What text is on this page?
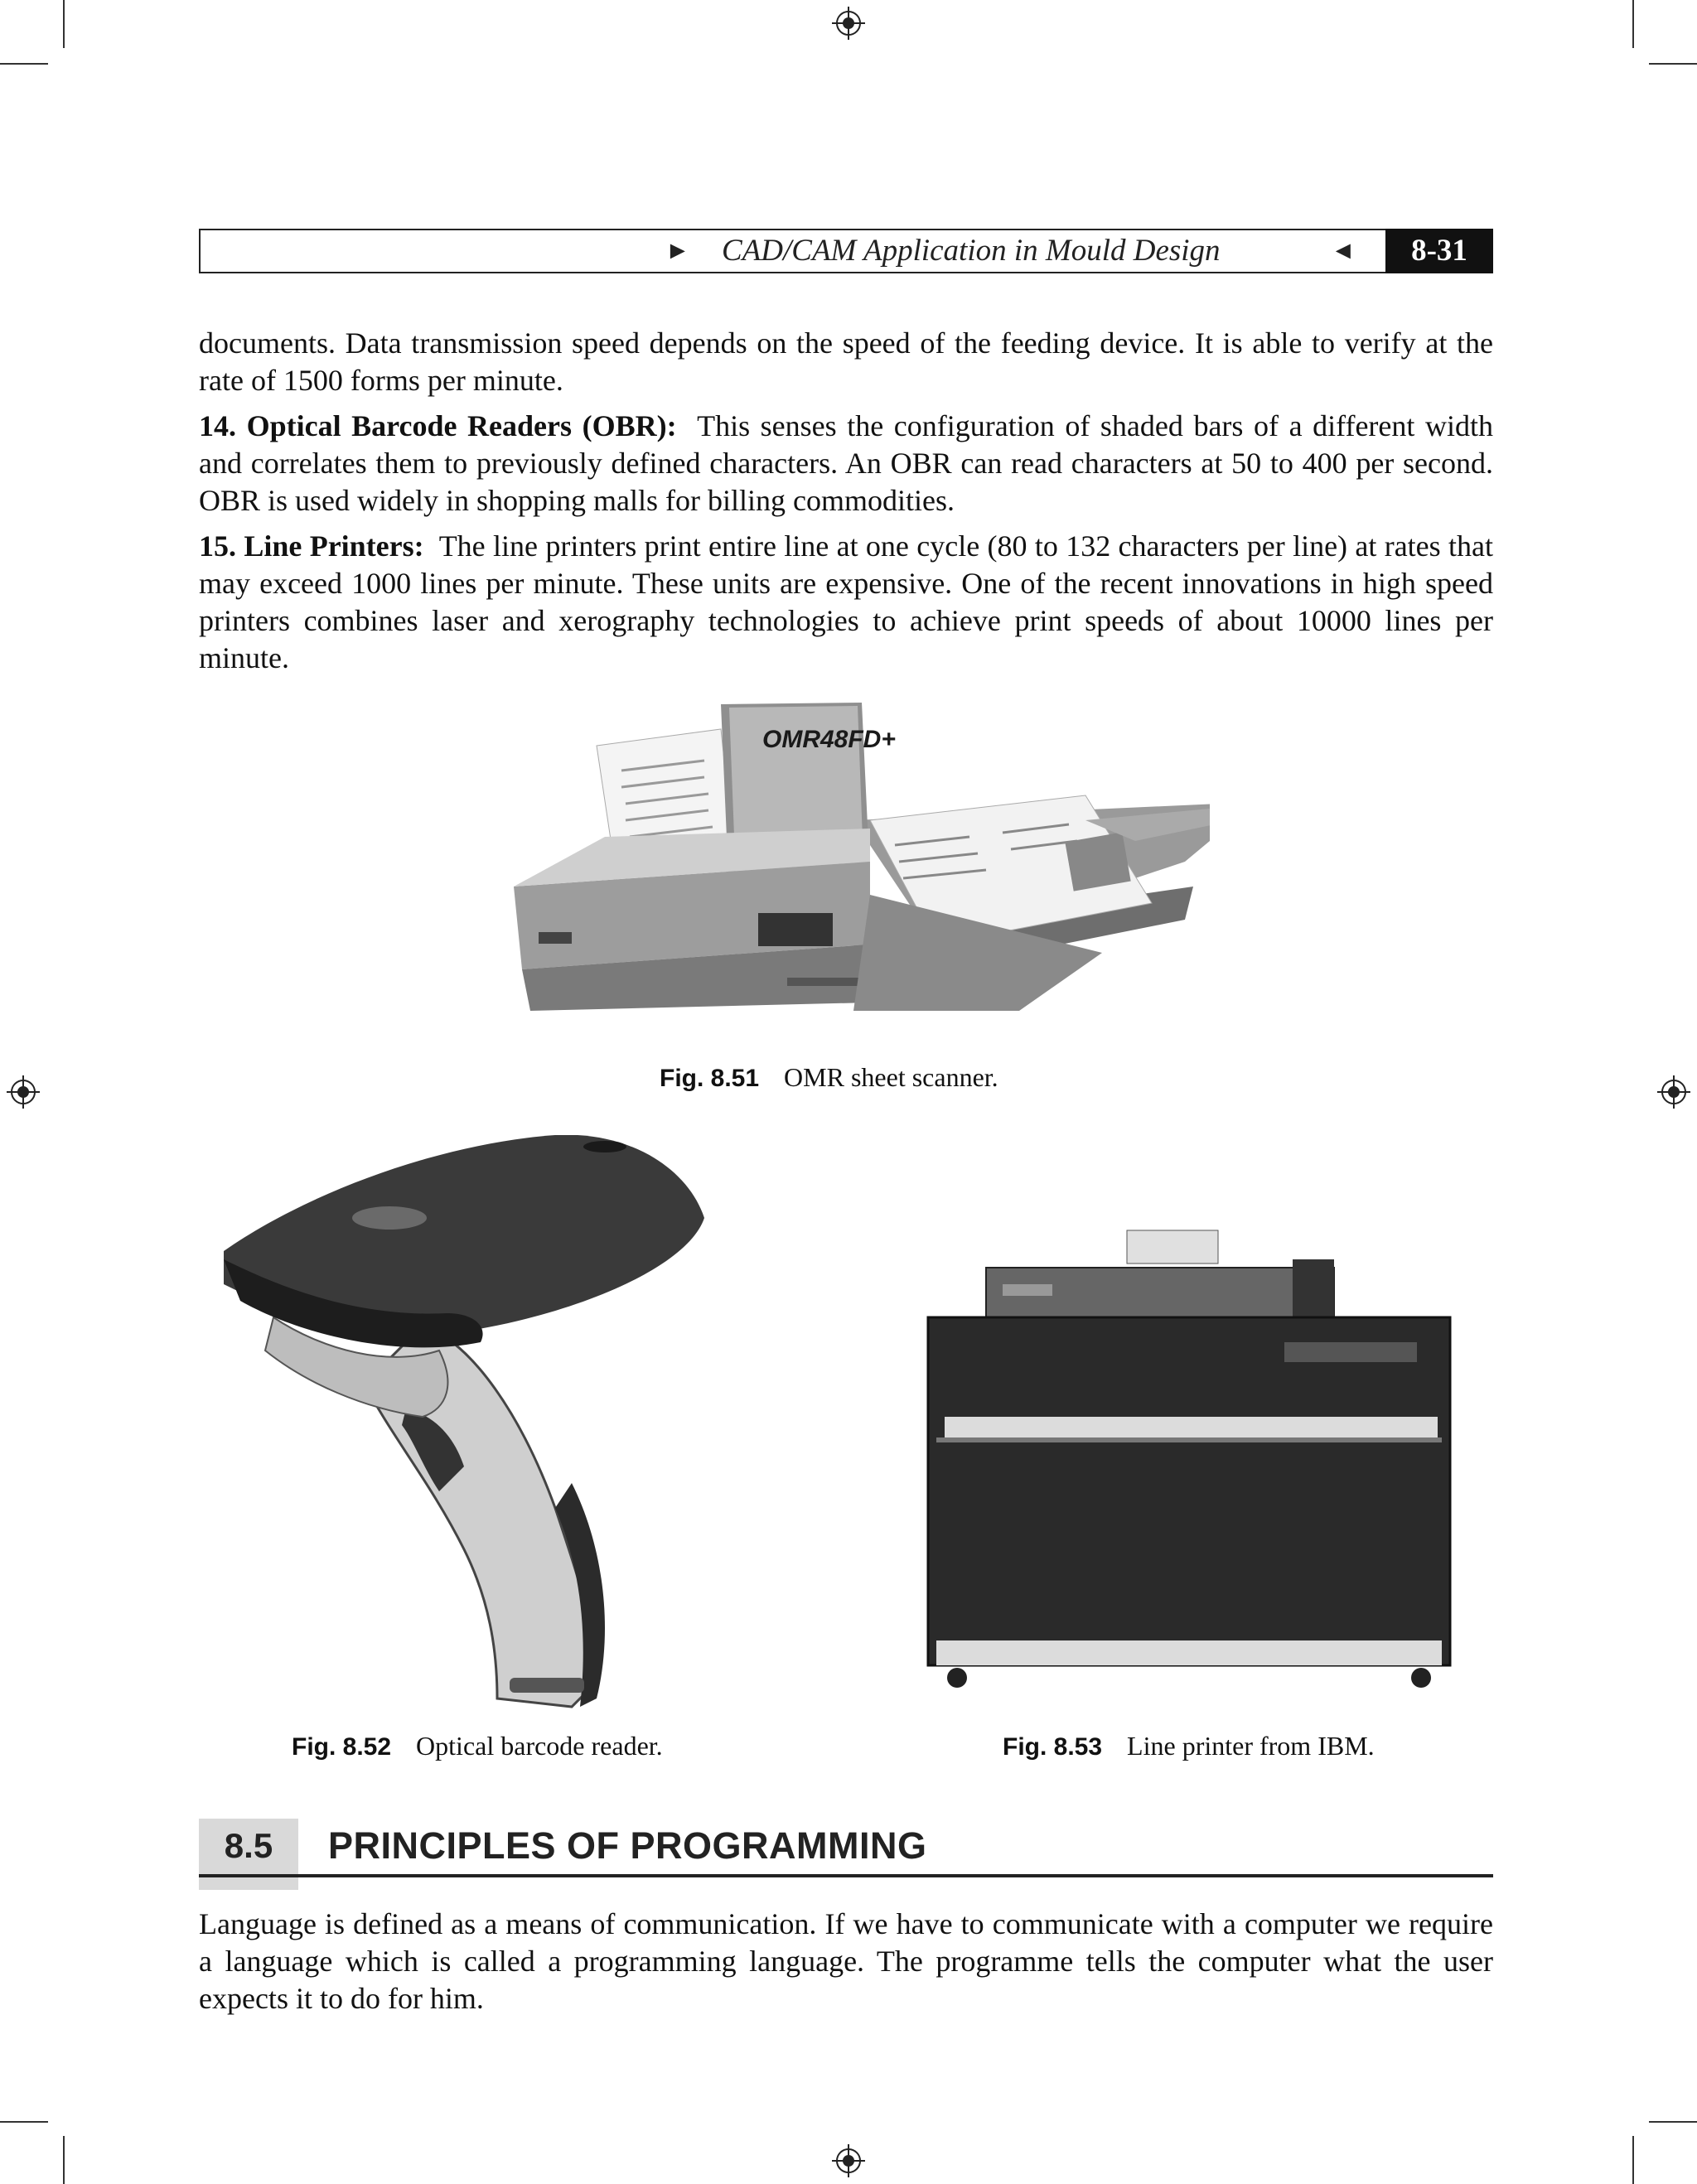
► CAD/CAM Application in Mould Design	◄	8-31

documents. Data transmission speed depends on the speed of the feeding device. It is able to verify at the rate of 1500 forms per minute.

14. Optical Barcode Readers (OBR): This senses the configuration of shaded bars of a different width and correlates them to previously defined characters. An OBR can read characters at 50 to 400 per second. OBR is used widely in shopping malls for billing commodities.

15. Line Printers: The line printers print entire line at one cycle (80 to 132 characters per line) at rates that may exceed 1000 lines per minute. These units are expensive. One of the recent innovations in high speed printers combines laser and xerography technologies to achieve print speeds of about 10000 lines per minute.

OMR48FD+
Fig. 8.51 OMR sheet scanner.
Fig. 8.52 Optical barcode reader.	Fig. 8.53 Line printer from IBM.
8.5	PRINCIPLES OF PROGRAMMING

Language is defined as a means of communication. If we have to communicate with a computer we require a language which is called a programming language. The programme tells the computer what the user expects it to do for him.
